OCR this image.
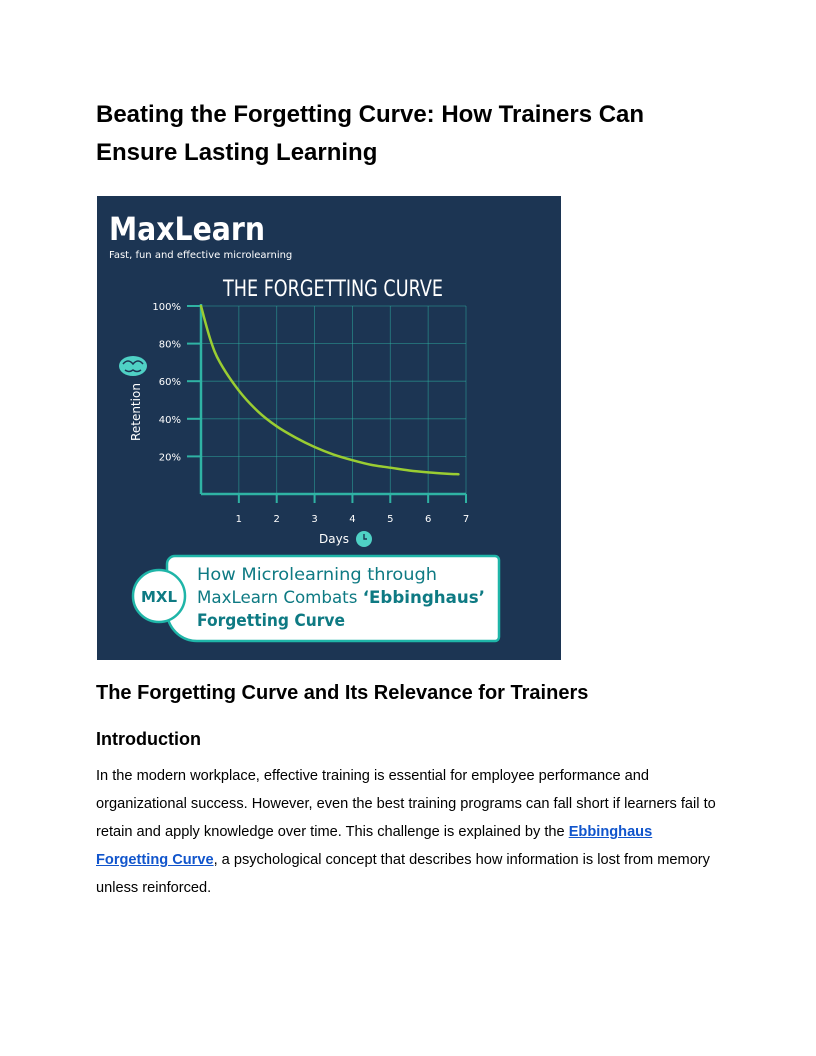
Beating the Forgetting Curve: How Trainers Can Ensure Lasting Learning
MaxLearn
Fast, fun and effective microlearning
THE FORGETTING CURVE
Retention
1	2	3	4	5	6	7
20%
40%
60%
80%
100%
Days
MXL
How Microlearning through
MaxLearn Combats ‘Ebbinghaus’
Forgetting Curve
The Forgetting Curve and Its Relevance for Trainers
Introduction

In the modern workplace, effective training is essential for employee performance and organizational success. However, even the best training programs can fall short if learners fail to retain and apply knowledge over time. This challenge is explained by the Ebbinghaus Forgetting Curve, a psychological concept that describes how information is lost from memory unless reinforced.
